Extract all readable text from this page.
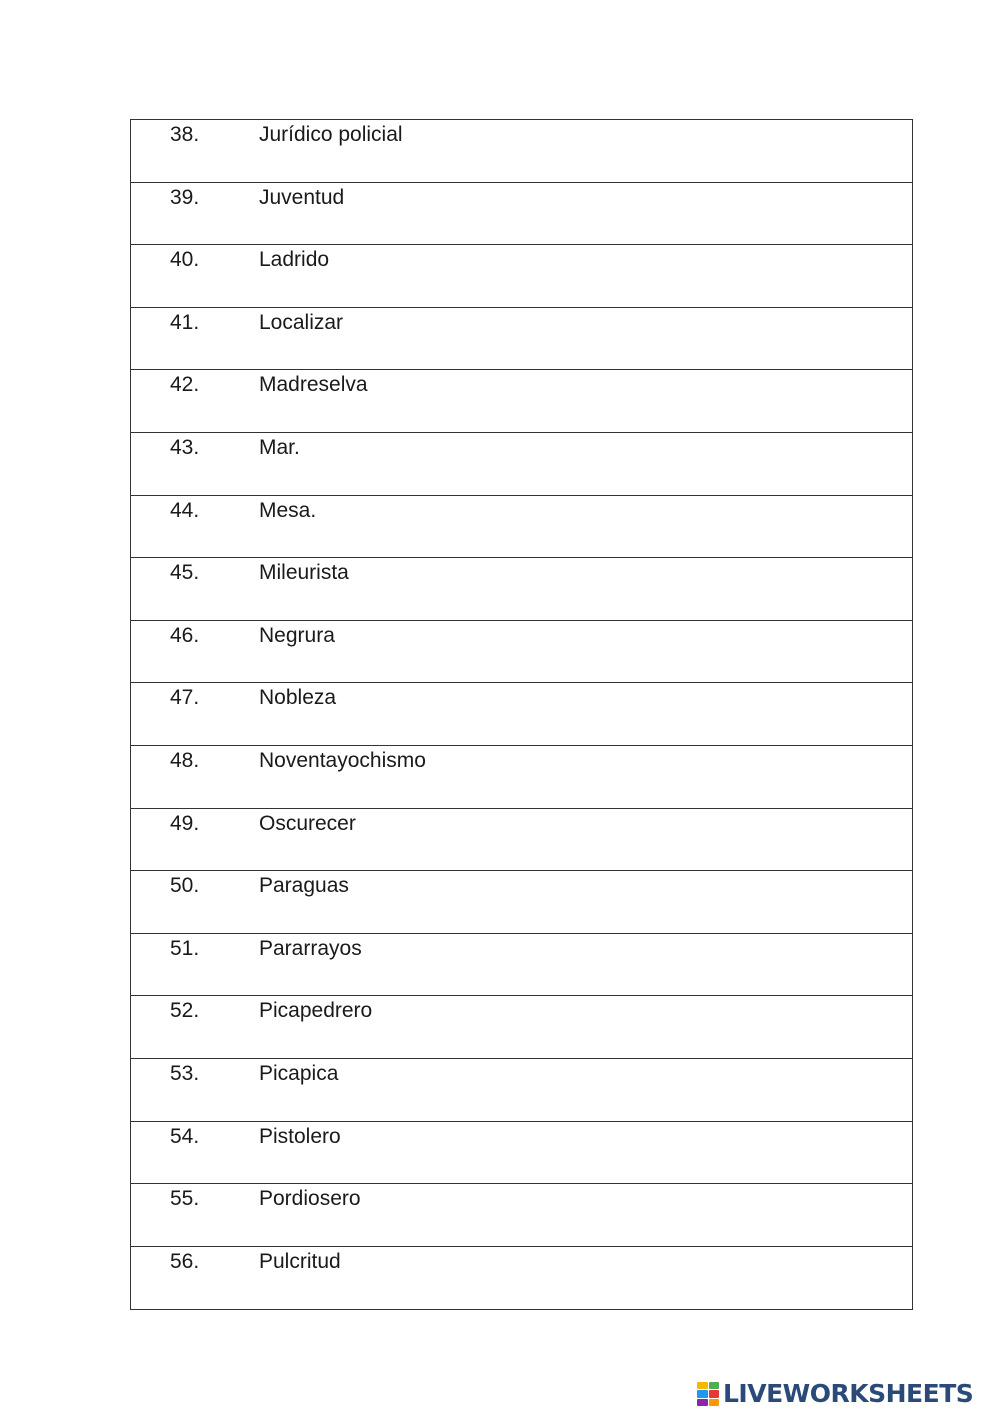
38.	Jurídico policial
39.	Juventud
40.	Ladrido
41.	Localizar
42.	Madreselva
43.	Mar.
44.	Mesa.
45.	Mileurista
46.	Negrura
47.	Nobleza
48.	Noventayochismo
49.	Oscurecer
50.	Paraguas
51.	Pararrayos
52.	Picapedrero
53.	Picapica
54.	Pistolero
55.	Pordiosero
56.	Pulcritud
LIVEWORKSHEETS
